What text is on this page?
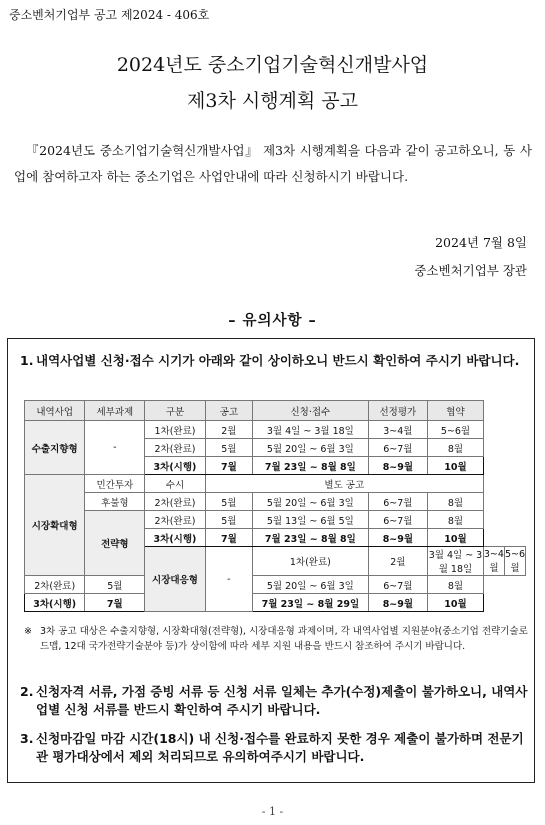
중소벤처기업부 공고 제2024 - 406호
2024년도 중소기업기술혁신개발사업
제3차 시행계획 공고
『2024년도 중소기업기술혁신개발사업』 제3차 시행계획을 다음과 같이 공고하오니, 동 사업에 참여하고자 하는 중소기업은 사업안내에 따라 신청하시기 바랍니다.
2024년 7월 8일
중소벤처기업부 장관
– 유의사항 –
1. 내역사업별 신청·접수 시기가 아래와 같이 상이하오니 반드시 확인하여 주시기 바랍니다.
내역사업	세부과제	구분	공고	신청·접수	선정평가	협약		
수출지향형	-	1차(완료)	2월	3월 4일 ~ 3월 18일	3~4월	5~6월		
		2차(완료)	5월	5월 20일 ~ 6월 3일	6~7월	8월		
		3차(시행)	7월	7월 23일 ~ 8월 8일	8~9월	10월		
시장확대형	민간투자	수시	별도 공고					
	후불형	2차(완료)	5월	5월 20일 ~ 6월 3일	6~7월	8월		
	전략형	2차(완료)	5월	5월 13일 ~ 6월 5일	6~7월	8월		
		3차(시행)	7월	7월 23일 ~ 8월 8일	8~9월	10월		
		시장대응형	-	1차(완료)	2월	3월 4일 ~ 3월 18일	3~4월	5~6월
2차(완료)	5월			5월 20일 ~ 6월 3일	6~7월	8월		
3차(시행)	7월			7월 23일 ~ 8월 29일	8~9월	10월		
※ 3차 공고 대상은 수출지향형, 시장확대형(전략형), 시장대응형 과제이며, 각 내역사업별 지원분야(중소기업 전략기술로드맵, 12대 국가전략기술분야 등)가 상이함에 따라 세부 지원 내용을 반드시 참조하여 주시기 바랍니다.
2. 신청자격 서류, 가점 증빙 서류 등 신청 서류 일체는 추가(수정)제출이 불가하오니, 내역사업별 신청 서류를 반드시 확인하여 주시기 바랍니다.
3. 신청마감일 마감 시간(18시) 내 신청·접수를 완료하지 못한 경우 제출이 불가하며 전문기관 평가대상에서 제외 처리되므로 유의하여주시기 바랍니다.
- 1 -
